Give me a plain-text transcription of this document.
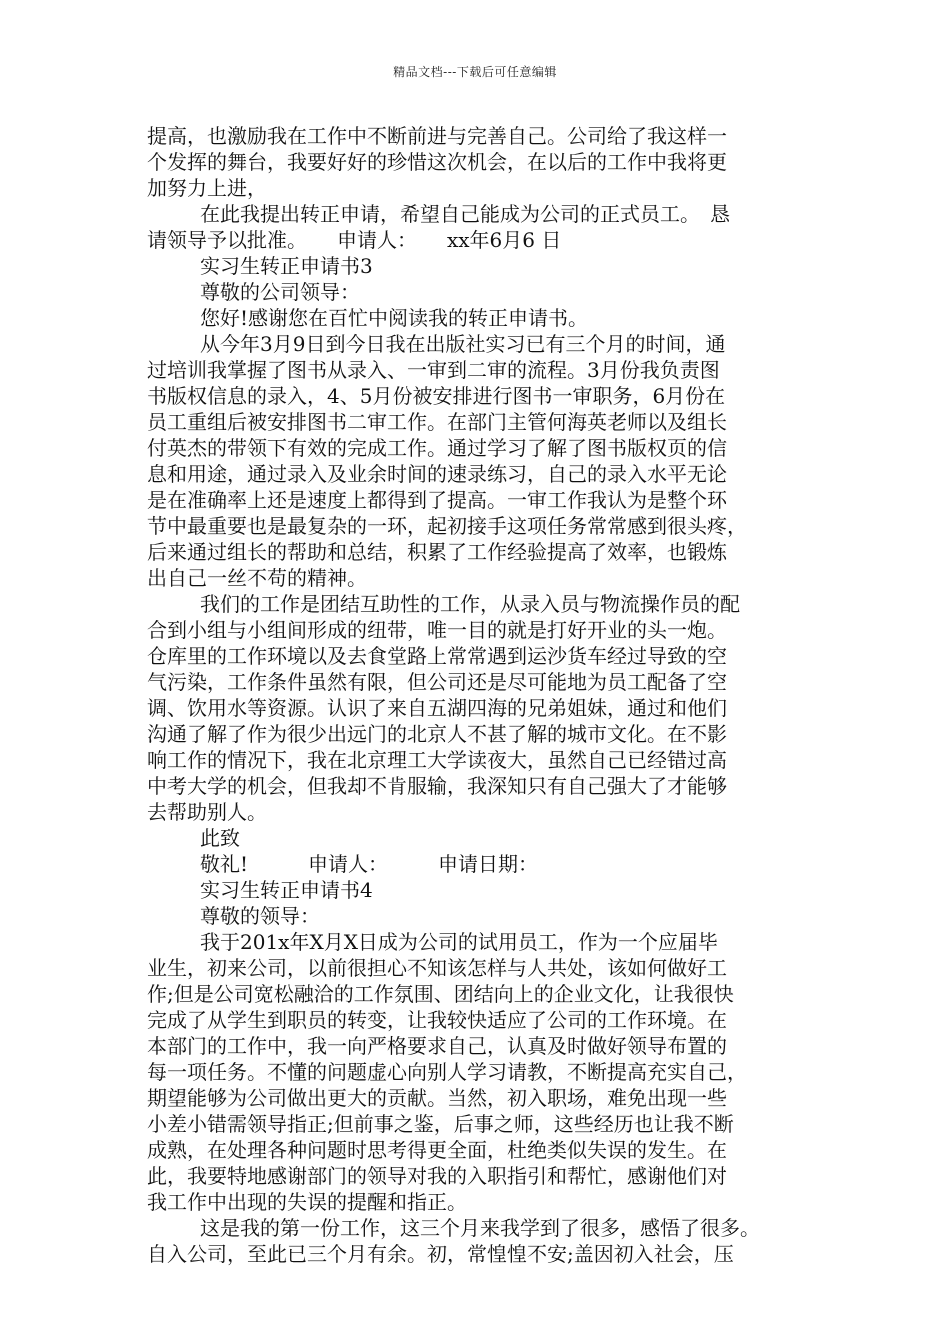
精品文档---下载后可任意编辑
提高，也激励我在工作中不断前进与完善自己。公司给了我这样一
个发挥的舞台，我要好好的珍惜这次机会，在以后的工作中我将更
加努力上进，
在此我提出转正申请，希望自己能成为公司的正式员工。　恳
请领导予以批准。　　申请人：　　xx年6月6 日
实习生转正申请书3
尊敬的公司领导：
您好!感谢您在百忙中阅读我的转正申请书。
从今年3月9日到今日我在出版社实习已有三个月的时间，通
过培训我掌握了图书从录入、一审到二审的流程。3月份我负责图
书版权信息的录入，4、5月份被安排进行图书一审职务，6月份在
员工重组后被安排图书二审工作。在部门主管何海英老师以及组长
付英杰的带领下有效的完成工作。通过学习了解了图书版权页的信
息和用途，通过录入及业余时间的速录练习，自己的录入水平无论
是在准确率上还是速度上都得到了提高。一审工作我认为是整个环
节中最重要也是最复杂的一环，起初接手这项任务常常感到很头疼，
后来通过组长的帮助和总结，积累了工作经验提高了效率，也锻炼
出自己一丝不苟的精神。
我们的工作是团结互助性的工作，从录入员与物流操作员的配
合到小组与小组间形成的纽带，唯一目的就是打好开业的头一炮。
仓库里的工作环境以及去食堂路上常常遇到运沙货车经过导致的空
气污染，工作条件虽然有限，但公司还是尽可能地为员工配备了空
调、饮用水等资源。认识了来自五湖四海的兄弟姐妹，通过和他们
沟通了解了作为很少出远门的北京人不甚了解的城市文化。在不影
响工作的情况下，我在北京理工大学读夜大，虽然自己已经错过高
中考大学的机会，但我却不肯服输，我深知只有自己强大了才能够
去帮助别人。
此致
敬礼!　　　申请人：　　　申请日期：
实习生转正申请书4
尊敬的领导：
我于201x年X月X日成为公司的试用员工，作为一个应届毕
业生，初来公司，以前很担心不知该怎样与人共处，该如何做好工
作;但是公司宽松融洽的工作氛围、团结向上的企业文化，让我很快
完成了从学生到职员的转变，让我较快适应了公司的工作环境。在
本部门的工作中，我一向严格要求自己，认真及时做好领导布置的
每一项任务。不懂的问题虚心向别人学习请教，不断提高充实自己，
期望能够为公司做出更大的贡献。当然，初入职场，难免出现一些
小差小错需领导指正;但前事之鉴，后事之师，这些经历也让我不断
成熟，在处理各种问题时思考得更全面，杜绝类似失误的发生。在
此，我要特地感谢部门的领导对我的入职指引和帮忙，感谢他们对
我工作中出现的失误的提醒和指正。
这是我的第一份工作，这三个月来我学到了很多，感悟了很多。
自入公司，至此已三个月有余。初，常惶惶不安;盖因初入社会，压
